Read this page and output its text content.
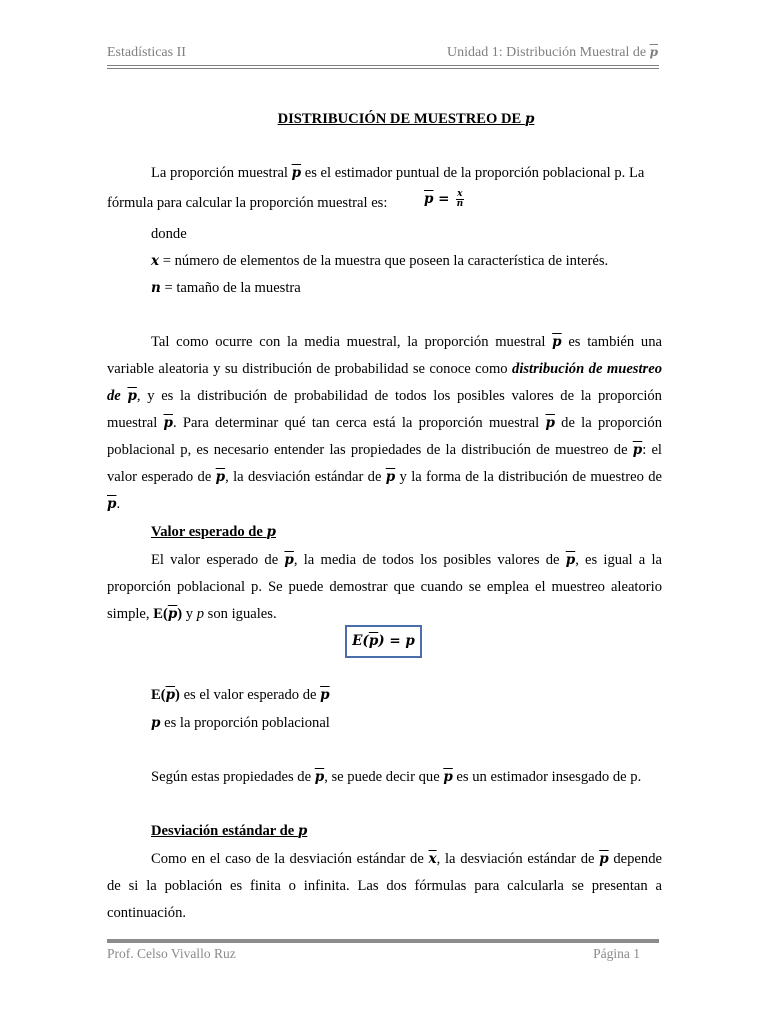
Estadísticas II	Unidad 1: Distribución Muestral de $\overline{p}$
DISTRIBUCIÓN DE MUESTREO DE p
La proporción muestral $\overline{p}$ es el estimador puntual de la proporción poblacional p. La
fórmula para calcular la proporción muestral es:	$\overline{p} = \frac{x}{n}$
donde
x = número de elementos de la muestra que poseen la característica de interés.
n = tamaño de la muestra
Tal como ocurre con la media muestral, la proporción muestral $\overline{p}$ es también una
variable aleatoria y su distribución de probabilidad se conoce como distribución de muestreo
de $\overline{p}$, y es la distribución de probabilidad de todos los posibles valores de la proporción
muestral $\overline{p}$. Para determinar qué tan cerca está la proporción muestral $\overline{p}$ de la proporción
poblacional p, es necesario entender las propiedades de la distribución de muestreo de $\overline{p}$: el
valor esperado de $\overline{p}$, la desviación estándar de $\overline{p}$ y la forma de la distribución de muestreo de
$\overline{p}$.
Valor esperado de p
El valor esperado de $\overline{p}$, la media de todos los posibles valores de $\overline{p}$, es igual a la
proporción poblacional p. Se puede demostrar que cuando se emplea el muestreo aleatorio
simple, $E(\overline{p})$ y p son iguales.
$E(\overline{p}) = p$
$E(\overline{p})$ es el valor esperado de $\overline{p}$
p es la proporción poblacional
Según estas propiedades de $\overline{p}$, se puede decir que $\overline{p}$ es un estimador insesgado de p.
Desviación estándar de p
Como en el caso de la desviación estándar de $\overline{x}$, la desviación estándar de $\overline{p}$ depende
de si la población es finita o infinita. Las dos fórmulas para calcularla se presentan a
continuación.
Prof. Celso Vivallo Ruz	Página 1
